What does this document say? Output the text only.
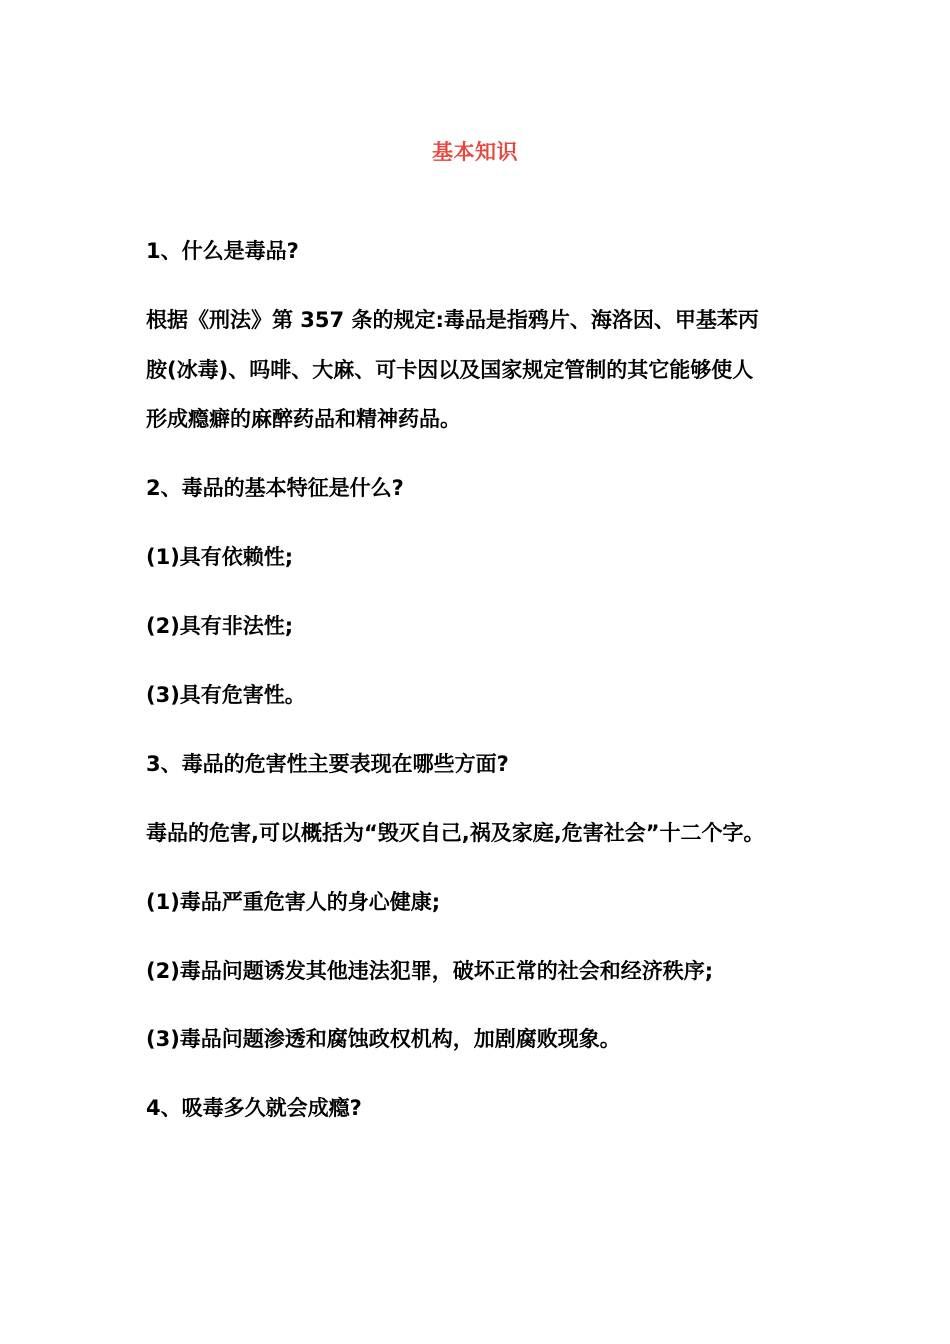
基本知识
1、什么是毒品?
根据《刑法》第 357 条的规定:毒品是指鸦片、海洛因、甲基苯丙
胺(冰毒)、吗啡、大麻、可卡因以及国家规定管制的其它能够使人
形成瘾癖的麻醉药品和精神药品。
2、毒品的基本特征是什么?
(1)具有依赖性;
(2)具有非法性;
(3)具有危害性。
3、毒品的危害性主要表现在哪些方面?
毒品的危害,可以概括为“毁灭自己,祸及家庭,危害社会”十二个字。
(1)毒品严重危害人的身心健康;
(2)毒品问题诱发其他违法犯罪，破坏正常的社会和经济秩序;
(3)毒品问题渗透和腐蚀政权机构，加剧腐败现象。
4、吸毒多久就会成瘾?
